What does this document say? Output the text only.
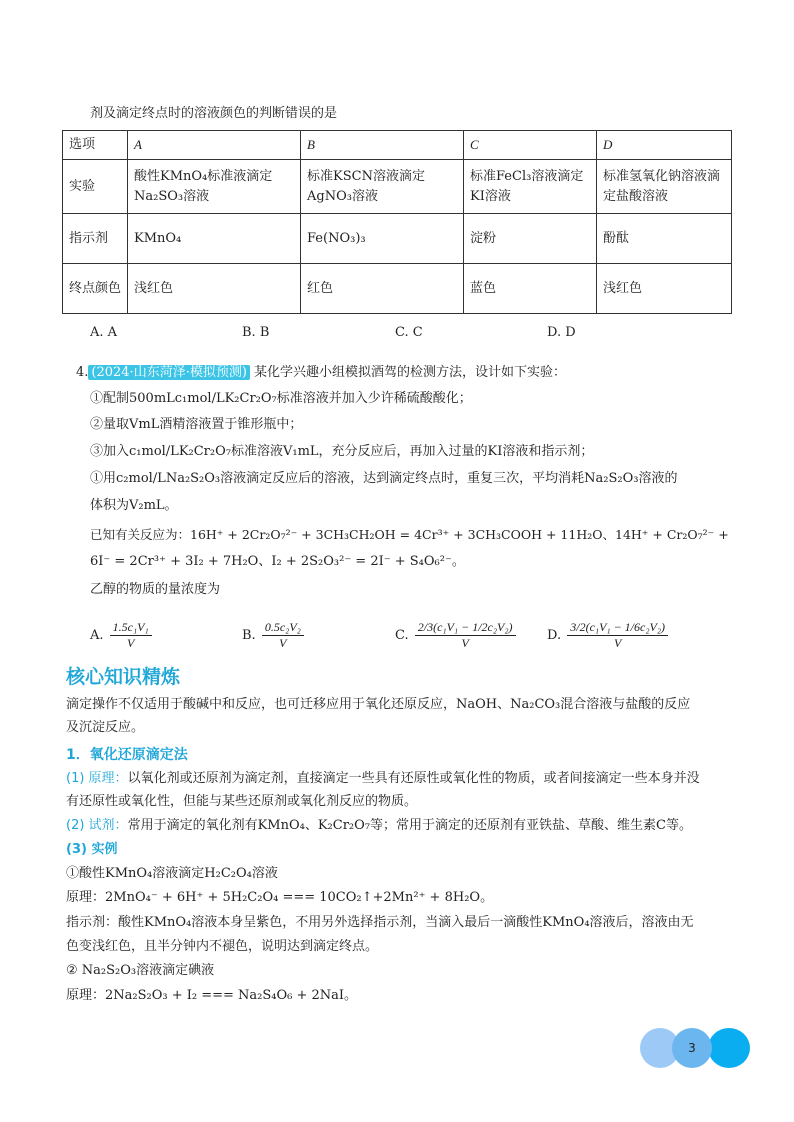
剂及滴定终点时的溶液颜色的判断错误的是
选项	A	B	C	D
实验	酸性KMnO₄标准液滴定Na₂SO₃溶液	标准KSCN溶液滴定AgNO₃溶液	标准FeCl₃溶液滴定KI溶液	标准氢氧化钠溶液滴定盐酸溶液
指示剂	KMnO₄	Fe(NO₃)₃	淀粉	酚酞
终点颜色	浅红色	红色	蓝色	浅红色
A. A	B. B	C. C	D. D
4. (2024·山东菏泽·模拟预测) 某化学兴趣小组模拟酒驾的检测方法，设计如下实验：
①配制500mLc₁mol/LK₂Cr₂O₇标准溶液并加入少许稀硫酸酸化；
②量取VmL酒精溶液置于锥形瓶中；
③加入c₁mol/LK₂Cr₂O₇标准溶液V₁mL，充分反应后，再加入过量的KI溶液和指示剂；
①用c₂mol/LNa₂S₂O₃溶液滴定反应后的溶液，达到滴定终点时，重复三次，平均消耗Na₂S₂O₃溶液的
体积为V₂mL。
已知有关反应为：16H⁺ + 2Cr₂O₇²⁻ + 3CH₃CH₂OH = 4Cr³⁺ + 3CH₃COOH + 11H₂O、14H⁺ + Cr₂O₇²⁻ +
6I⁻ = 2Cr³⁺ + 3I₂ + 7H₂O、I₂ + 2S₂O₃²⁻ = 2I⁻ + S₄O₆²⁻。
乙醇的物质的量浓度为
A. $\frac{\text{1.5c₁V₁}}{V}$	B. $\frac{\text{0.5c₂V₂}}{V}$	C. $\frac{\text{2/3(c₁V₁ − 1/2c₂V₂)}}{V} D$. $\frac{\text{3/2(c₁V₁ − 1/6c₂V₂)}}{V}$
核心知识精炼
滴定操作不仅适用于酸碱中和反应，也可迁移应用于氧化还原反应，NaOH、Na₂CO₃混合溶液与盐酸的反应
及沉淀反应。
1．氧化还原滴定法
(1) 原理：以氧化剂或还原剂为滴定剂，直接滴定一些具有还原性或氧化性的物质，或者间接滴定一些本身并没
有还原性或氧化性，但能与某些还原剂或氧化剂反应的物质。
(2) 试剂：常用于滴定的氧化剂有KMnO₄、K₂Cr₂O₇等；常用于滴定的还原剂有亚铁盐、草酸、维生素C等。
(3) 实例
①酸性KMnO₄溶液滴定H₂C₂O₄溶液
原理：2MnO₄⁻ + 6H⁺ + 5H₂C₂O₄ === 10CO₂↑+2Mn²⁺ + 8H₂O。
指示剂：酸性KMnO₄溶液本身呈紫色，不用另外选择指示剂，当滴入最后一滴酸性KMnO₄溶液后，溶液由无
色变浅红色，且半分钟内不褪色，说明达到滴定终点。
② Na₂S₂O₃溶液滴定碘液
原理：2Na₂S₂O₃ + I₂ === Na₂S₄O₆ + 2NaI。
3
